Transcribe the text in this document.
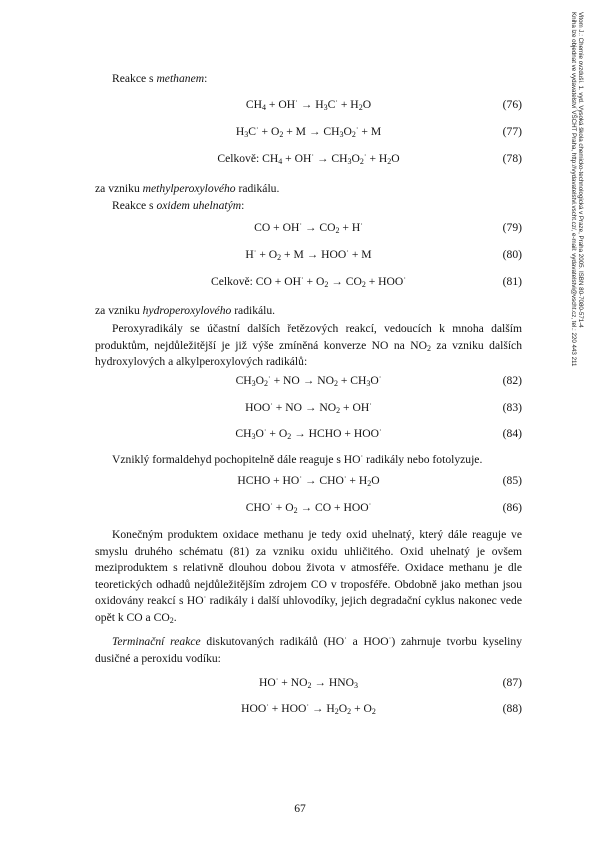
Vitom J.: Chemie ovzduší. 1. vyd. Vysoká škola chemicko-technologická v Praze, Praha 2005. ISBN 80-7080-571-4
Kniha lze objednat ve vydavatelství VŠCHT Praha, http://vydavatelstvi.vscht.cz/, e-mail: vydavatelstvi@vscht.cz, tel.: 220 443 211
Reakce s methanem:
$CH_4 + OH^\cdot \to H_3C^\cdot + H_2O$	(76)
$H_3C^\cdot + O_2 + M \to CH_3O_2^\cdot + M$	(77)
Celkově: $CH_4 + OH^\cdot \to CH_3O_2^\cdot + H_2O$	(78)
za vzniku methylperoxylového radikálu.
Reakce s oxidem uhelnatým:
CO + $OH^\cdot \to CO_2 + H^\cdot$	(79)
$H^\cdot + O_2 + M \to HOO^\cdot + M$	(80)
Celkově: CO + $OH^\cdot + O_2 \to CO_2 + HOO^\cdot$	(81)
za vzniku hydroperoxylového radikálu.

Peroxyradikály se účastní dalších řetězových reakcí, vedoucích k mnoha dalším produktům, nejdůležitější je již výše zmíněná konverze NO na $NO_2$ za vzniku dalších hydroxylových a alkylperoxylových radikálů:

$CH_3O_2^\cdot$ + NO → $NO_2 + CH_3O^\cdot$	(82)
HOO· + NO → $NO_2 + OH^\cdot$	(83)
$CH_3O^\cdot + O_2$ → HCHO + HOO·	(84)
Vzniklý formaldehyd pochopitelně dále reaguje s HO· radikály nebo fotolyzuje.
HCHO + $HO^\cdot \to CHO^\cdot + H_2O$	(85)
$CHO^\cdot + O_2$ → CO + HOO·	(86)

Konečným produktem oxidace methanu je tedy oxid uhelnatý, který dále reaguje ve smyslu druhého schématu (81) za vzniku oxidu uhličitého. Oxid uhelnatý je ovšem meziproduktem s relativně dlouhou dobou života v atmosféře. Oxidace methanu je dle teoretických odhadů nejdůležitějším zdrojem CO v troposféře. Obdobně jako methan jsou oxidovány reakcí s HO· radikály i další uhlovodíky, jejich degradační cyklus nakonec vede opět k CO a $CO_2$.

Terminační reakce diskutovaných radikálů (HO· a HOO·) zahrnuje tvorbu kyseliny dusičné a peroxidu vodíku:

$HO^\cdot + NO_2 \to HNO_3$	(87)
$HOO^\cdot + HOO^\cdot \to H_2O_2 + O_2$	(88)
67
